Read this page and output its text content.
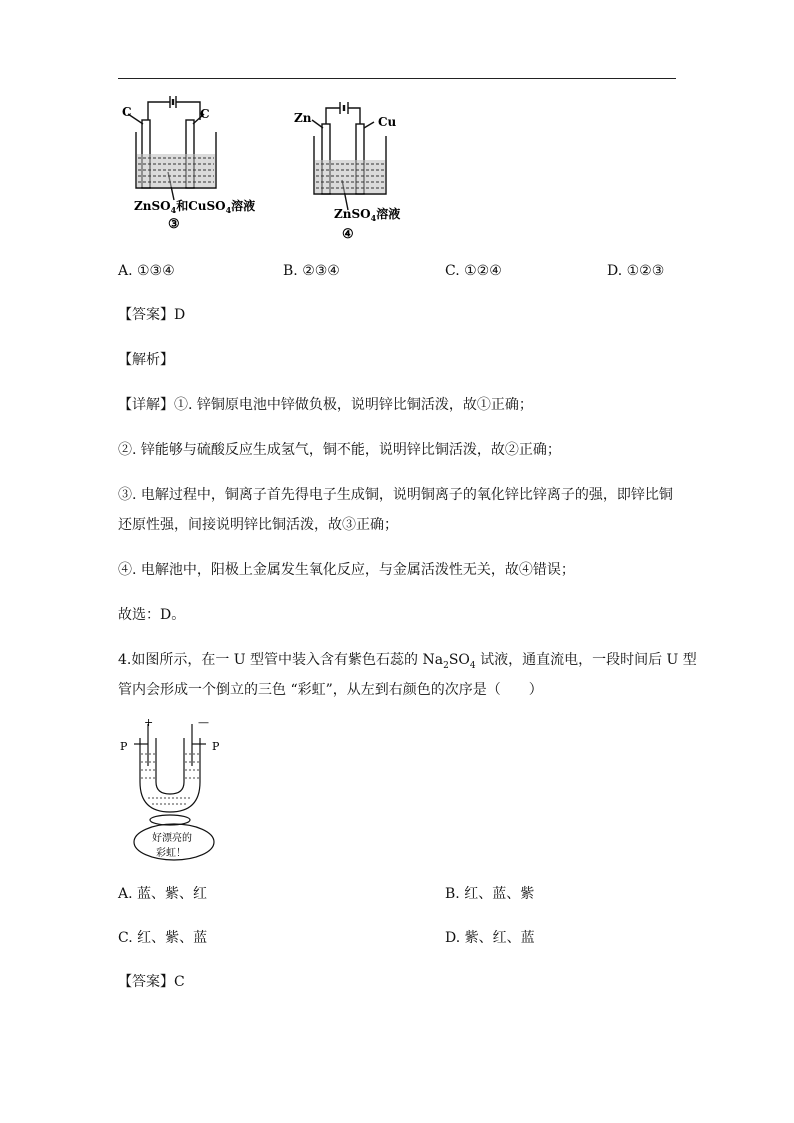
C	C
ZnSO$_4$和CuSO$_4$溶液
③
Zn	Cu
ZnSO$_4$溶液
④
A. ①③④	B. ②③④	C. ①②④	D. ①②③
【答案】D
【解析】
【详解】①. 锌铜原电池中锌做负极，说明锌比铜活泼，故①正确；
②. 锌能够与硫酸反应生成氢气，铜不能，说明锌比铜活泼，故②正确；
③. 电解过程中，铜离子首先得电子生成铜，说明铜离子的氧化锌比锌离子的强，即锌比铜
还原性强，间接说明锌比铜活泼，故③正确；
④. 电解池中，阳极上金属发生氧化反应，与金属活泼性无关，故④错误；
故选：D。
4.如图所示，在一 U 型管中装入含有紫色石蕊的 $Na_2SO_4$ 试液，通直流电，一段时间后 U 型
管内会形成一个倒立的三色 “彩虹”，从左到右颜色的次序是（　　）
+	—
P	P
好漂亮的
彩虹！
A. 蓝、紫、红	B. 红、蓝、紫
C. 红、紫、蓝	D. 紫、红、蓝
【答案】C
